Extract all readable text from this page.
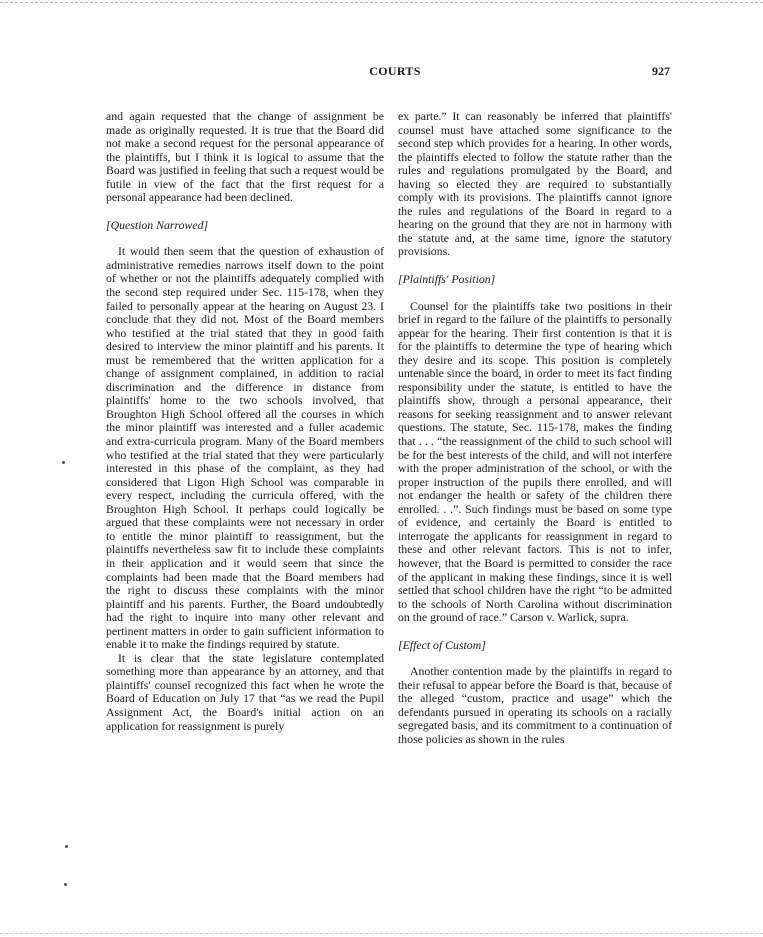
COURTS	927

and again requested that the change of assignment be made as originally requested. It is true that the Board did not make a second request for the personal appearance of the plaintiffs, but I think it is logical to assume that the Board was justified in feeling that such a request would be futile in view of the fact that the first request for a personal appearance had been declined.

[Question Narrowed]

It would then seem that the question of exhaustion of administrative remedies narrows itself down to the point of whether or not the plaintiffs adequately complied with the second step required under Sec. 115-178, when they failed to personally appear at the hearing on August 23. I conclude that they did not. Most of the Board members who testified at the trial stated that they in good faith desired to interview the minor plaintiff and his parents. It must be remembered that the written application for a change of assignment complained, in addition to racial discrimination and the difference in distance from plaintiffs' home to the two schools involved, that Broughton High School offered all the courses in which the minor plaintiff was interested and a fuller academic and extra-curricula program. Many of the Board members who testified at the trial stated that they were particularly interested in this phase of the complaint, as they had considered that Ligon High School was comparable in every respect, including the curricula offered, with the Broughton High School. It perhaps could logically be argued that these complaints were not necessary in order to entitle the minor plaintiff to reassignment, but the plaintiffs nevertheless saw fit to include these complaints in their application and it would seem that since the complaints had been made that the Board members had the right to discuss these complaints with the minor plaintiff and his parents. Further, the Board undoubtedly had the right to inquire into many other relevant and pertinent matters in order to gain sufficient information to enable it to make the findings required by statute.

It is clear that the state legislature contemplated something more than appearance by an attorney, and that plaintiffs' counsel recognized this fact when he wrote the Board of Education on July 17 that “as we read the Pupil Assignment Act, the Board's initial action on an application for reassignment is purely

ex parte.” It can reasonably be inferred that plaintiffs' counsel must have attached some significance to the second step which provides for a hearing. In other words, the plaintiffs elected to follow the statute rather than the rules and regulations promulgated by the Board, and having so elected they are required to substantially comply with its provisions. The plaintiffs cannot ignore the rules and regulations of the Board in regard to a hearing on the ground that they are not in harmony with the statute and, at the same time, ignore the statutory provisions.

[Plaintiffs' Position]

Counsel for the plaintiffs take two positions in their brief in regard to the failure of the plaintiffs to personally appear for the hearing. Their first contention is that it is for the plaintiffs to determine the type of hearing which they desire and its scope. This position is completely untenable since the board, in order to meet its fact finding responsibility under the statute, is entitled to have the plaintiffs show, through a personal appearance, their reasons for seeking reassignment and to answer relevant questions. The statute, Sec. 115-178, makes the finding that . . . “the reassignment of the child to such school will be for the best interests of the child, and will not interfere with the proper administration of the school, or with the proper instruction of the pupils there enrolled, and will not endanger the health or safety of the children there enrolled. . .”. Such findings must be based on some type of evidence, and certainly the Board is entitled to interrogate the applicants for reassignment in regard to these and other relevant factors. This is not to infer, however, that the Board is permitted to consider the race of the applicant in making these findings, since it is well settled that school children have the right “to be admitted to the schools of North Carolina without discrimination on the ground of race.” Carson v. Warlick, supra.

[Effect of Custom]

Another contention made by the plaintiffs in regard to their refusal to appear before the Board is that, because of the alleged “custom, practice and usage” which the defendants pursued in operating its schools on a racially segregated basis, and its commitment to a continuation of those policies as shown in the rules
